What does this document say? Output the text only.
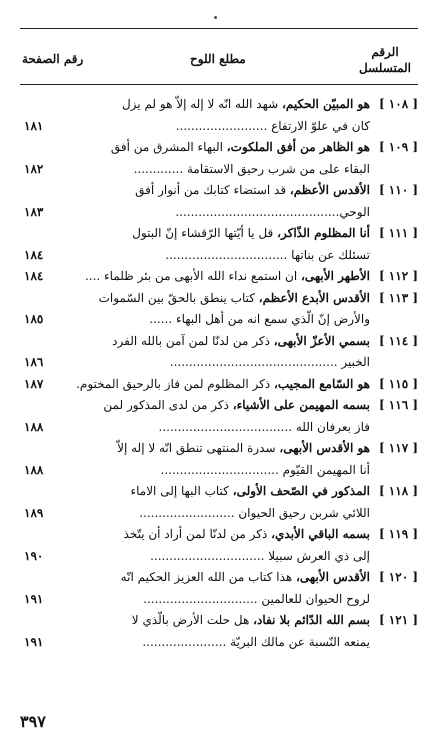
الرقم المتسلسل
مطلع اللوح
رقم الصفحة
[ ١٠٨ ]هو المبيّن الحكيم، شهد الله انّه لا إله إلاّ هو لم يزل
كان في علوّ الارتفاع ........................
١٨١
[ ١٠٩ ]هو الظاهر من أفق الملكوت، البهاء المشرق من أفق
البقاء على من شرب رحيق الاستقامة .............
١٨٢
[ ١١٠ ]الأقدس الأعظم، قد استضاء كتابك من أنوار أفق
الوحي...........................................
١٨٣
[ ١١١ ]أنا المظلوم الذّاكر، قل يا أيّتها الرّقشاء إنّ البتول
تسئلك عن بناتها ................................
١٨٤
[ ١١٢ ]الأطهر الأبهى، ان استمع نداء الله الأبهى من بئر ظلماء ....
١٨٤
[ ١١٣ ]الأقدس الأبدع الأعظم، كتاب ينطق بالحقّ بين السّموات
والأرض إنّ الّذي سمع انه من أهل البهاء ......
١٨٥
[ ١١٤ ]بسمي الأعزّ الأبهى، ذكر من لدنّا لمن آمن بالله الفرد
الخبير ............................................
١٨٦
[ ١١٥ ]هو السّامع المجيب، ذكر المظلوم لمن فاز بالرحيق المختوم.
١٨٧
[ ١١٦ ]بسمه المهيمن على الأشياء، ذكر من لدى المذكور لمن
فاز بعرفان الله ...................................
١٨٨
[ ١١٧ ]هو الأقدس الأبهى، سدرة المنتهى تنطق انّه لا إله إلاّ
أنا المهيمن القيّوم ...............................
١٨٨
[ ١١٨ ]المذكور في الصّحف الأولى، كتاب البها إلى الاماء
اللائي شربن رحيق الحيوان .........................
١٨٩
[ ١١٩ ]بسمه الباقي الأبدي، ذكر من لدنّا لمن أراد أن يتّخذ
إلى ذي العرش سبيلا ..............................
١٩٠
[ ١٢٠ ]الأقدس الأبهى، هذا كتاب من الله العزيز الحكيم انّه
لروح الحيوان للعالمين ..............................
١٩١
[ ١٢١ ]بسم الله الدّائم بلا نفاد، هل حلت الأرض بالّذي لا
يمنعه النّسبة عن مالك البريّة ......................
١٩١
٣٩٧
